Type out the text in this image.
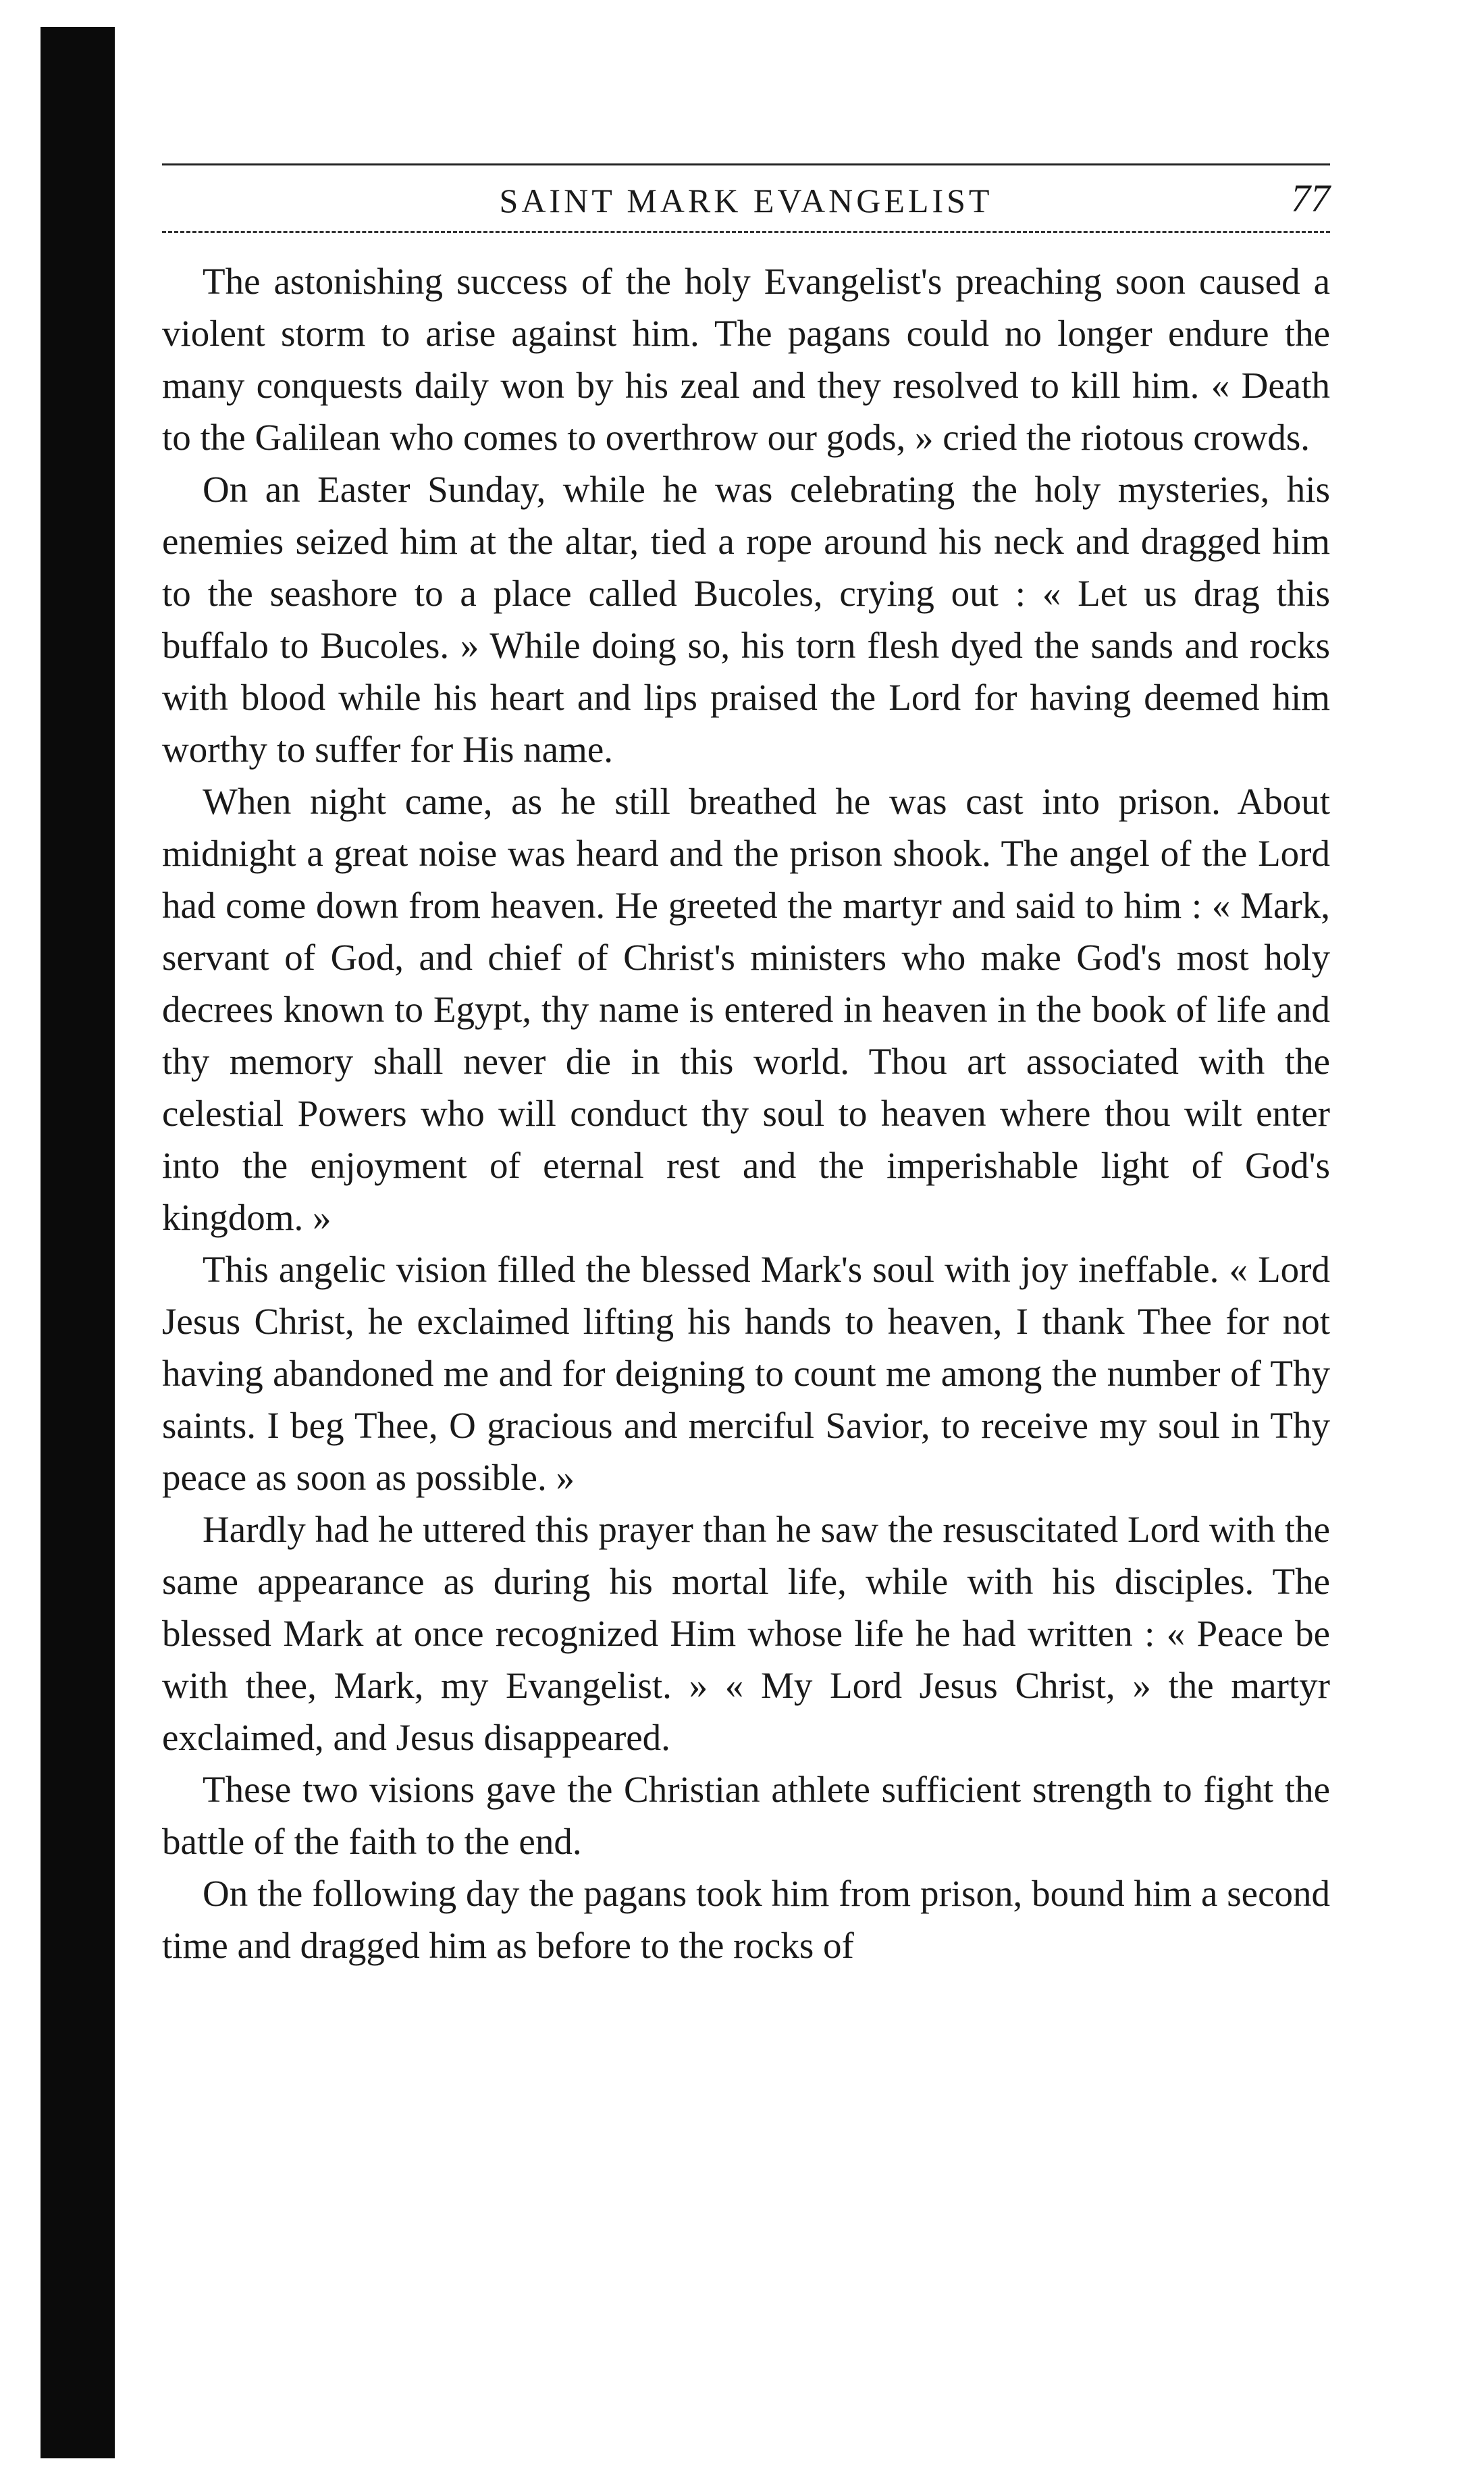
SAINT MARK EVANGELIST	77

The astonishing success of the holy Evangelist's preaching soon caused a violent storm to arise against him. The pagans could no longer endure the many conquests daily won by his zeal and they resolved to kill him. « Death to the Galilean who comes to overthrow our gods, » cried the riotous crowds.

On an Easter Sunday, while he was celebrating the holy mysteries, his enemies seized him at the altar, tied a rope around his neck and dragged him to the seashore to a place called Bucoles, crying out : « Let us drag this buffalo to Bucoles. » While doing so, his torn flesh dyed the sands and rocks with blood while his heart and lips praised the Lord for having deemed him worthy to suffer for His name.

When night came, as he still breathed he was cast into prison. About midnight a great noise was heard and the prison shook. The angel of the Lord had come down from heaven. He greeted the martyr and said to him : « Mark, servant of God, and chief of Christ's ministers who make God's most holy decrees known to Egypt, thy name is entered in heaven in the book of life and thy memory shall never die in this world. Thou art associated with the celestial Powers who will conduct thy soul to heaven where thou wilt enter into the enjoyment of eternal rest and the imperishable light of God's kingdom. »

This angelic vision filled the blessed Mark's soul with joy ineffable. « Lord Jesus Christ, he exclaimed lifting his hands to heaven, I thank Thee for not having abandoned me and for deigning to count me among the number of Thy saints. I beg Thee, O gracious and merciful Savior, to receive my soul in Thy peace as soon as possible. »

Hardly had he uttered this prayer than he saw the resuscitated Lord with the same appearance as during his mortal life, while with his disciples. The blessed Mark at once recognized Him whose life he had written : « Peace be with thee, Mark, my Evangelist. » « My Lord Jesus Christ, » the martyr exclaimed, and Jesus disappeared.

These two visions gave the Christian athlete sufficient strength to fight the battle of the faith to the end.

On the following day the pagans took him from prison, bound him a second time and dragged him as before to the rocks of
